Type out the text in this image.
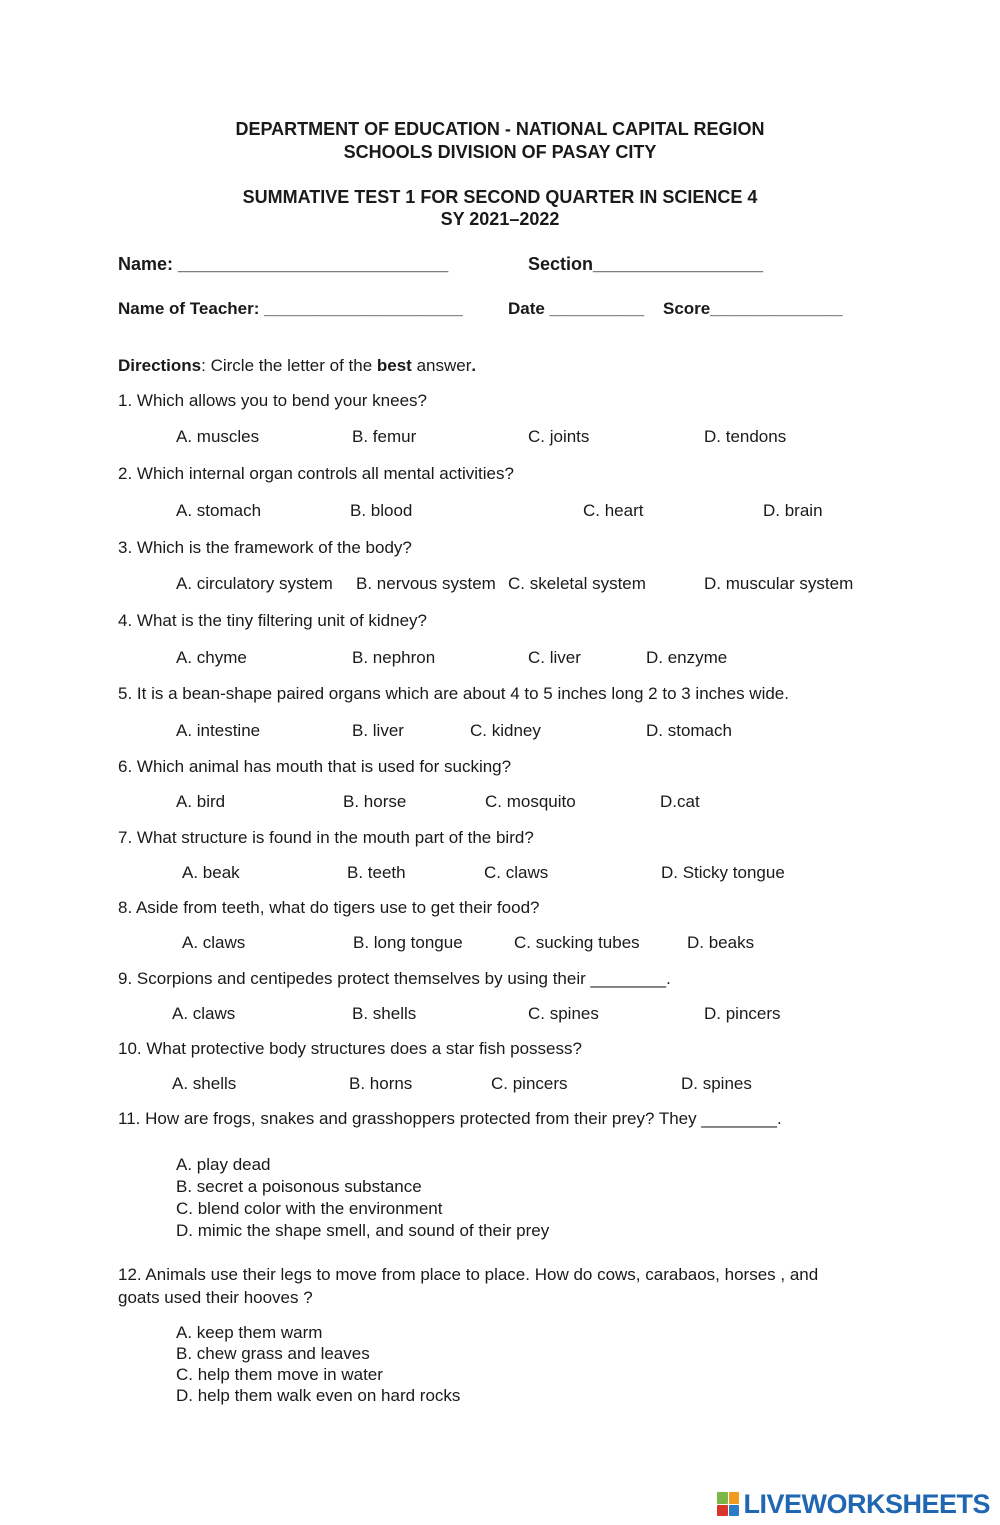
DEPARTMENT OF EDUCATION - NATIONAL CAPITAL REGION
SCHOOLS DIVISION OF PASAY CITY
SUMMATIVE TEST 1 FOR SECOND QUARTER IN SCIENCE 4
SY 2021–2022
Name: ___________________________	Section_________________
Name of Teacher: _____________________	Date __________ Score______________
Directions: Circle the letter of the best answer.
1. Which allows you to bend your knees?
A. muscles	B. femur	C. joints	D. tendons
2. Which internal organ controls all mental activities?
A. stomach	B. blood	C. heart	D. brain
3. Which is the framework of the body?
A. circulatory system B. nervous system C. skeletal system	D. muscular system
4. What is the tiny filtering unit of kidney?
A. chyme	B. nephron	C. liver	D. enzyme
5. It is a bean-shape paired organs which are about 4 to 5 inches long 2 to 3 inches wide.
A. intestine	B. liver	C. kidney	D. stomach
6. Which animal has mouth that is used for sucking?
A. bird	B. horse	C. mosquito	D.cat
7. What structure is found in the mouth part of the bird?
A. beak	B. teeth	C. claws	D. Sticky tongue
8. Aside from teeth, what do tigers use to get their food?
A. claws	B. long tongue	C. sucking tubes	D. beaks
9. Scorpions and centipedes protect themselves by using their ________.
A. claws	B. shells	C. spines	D. pincers
10. What protective body structures does a star fish possess?
A. shells	B. horns	C. pincers	D. spines
11. How are frogs, snakes and grasshoppers protected from their prey? They ________.
A. play dead
B. secret a poisonous substance
C. blend color with the environment
D. mimic the shape smell, and sound of their prey
12. Animals use their legs to move from place to place. How do cows, carabaos, horses , and
goats used their hooves ?
A. keep them warm
B. chew grass and leaves
C. help them move in water
D. help them walk even on hard rocks
LIVEWORKSHEETS
